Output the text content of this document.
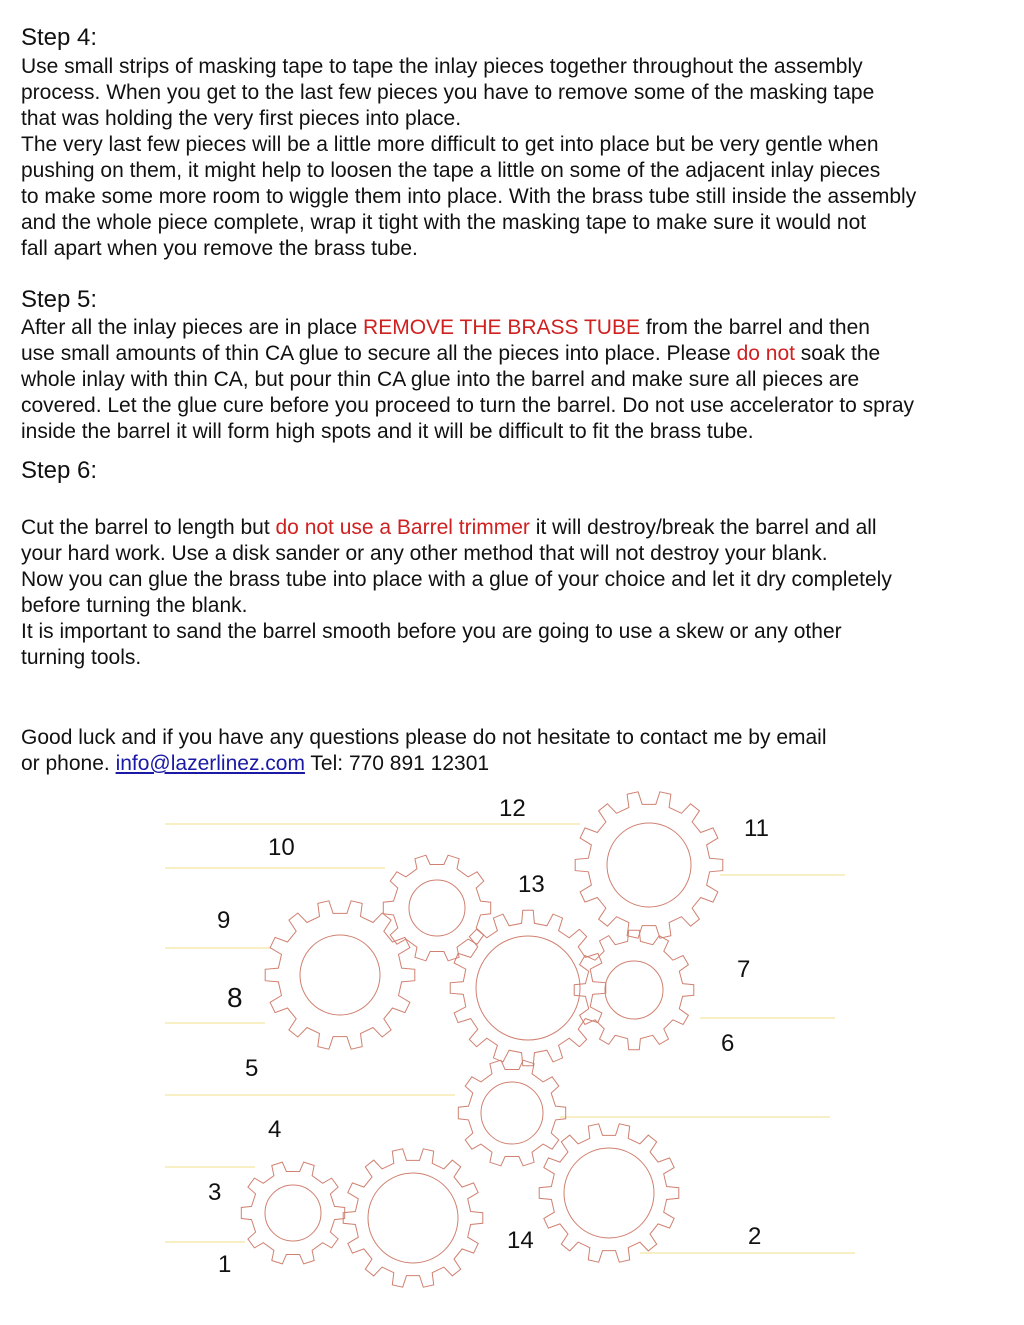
Step 4:

Use small strips of masking tape to tape the inlay pieces together throughout the assembly
process. When you get to the last few pieces you have to remove some of the masking tape
that was holding the very first pieces into place.
The very last few pieces will be a little more difficult to get into place but be very gentle when
pushing on them, it might help to loosen the tape a little on some of the adjacent inlay pieces
to make some more room to wiggle them into place. With the brass tube still inside the assembly
and the whole piece complete, wrap it tight with the masking tape to make sure it would not
fall apart when you remove the brass tube.

Step 5:

After all the inlay pieces are in place REMOVE THE BRASS TUBE from the barrel and then
use small amounts of thin CA glue to secure all the pieces into place. Please do not soak the
whole inlay with thin CA, but pour thin CA glue into the barrel and make sure all pieces are
covered. Let the glue cure before you proceed to turn the barrel. Do not use accelerator to spray
inside the barrel it will form high spots and it will be difficult to fit the brass tube.

Step 6:

Cut the barrel to length but do not use a Barrel trimmer it will destroy/break the barrel and all
your hard work. Use a disk sander or any other method that will not destroy your blank.
Now you can glue the brass tube into place with a glue of your choice and let it dry completely
before turning the blank.
It is important to sand the barrel smooth before you are going to use a skew or any other
turning tools.

Good luck and if you have any questions please do not hesitate to contact me by email
or phone. info@lazerlinez.com Tel: 770 891 12301

1
2
3
4
5
6
7
8
9
10
11
12
13
14
